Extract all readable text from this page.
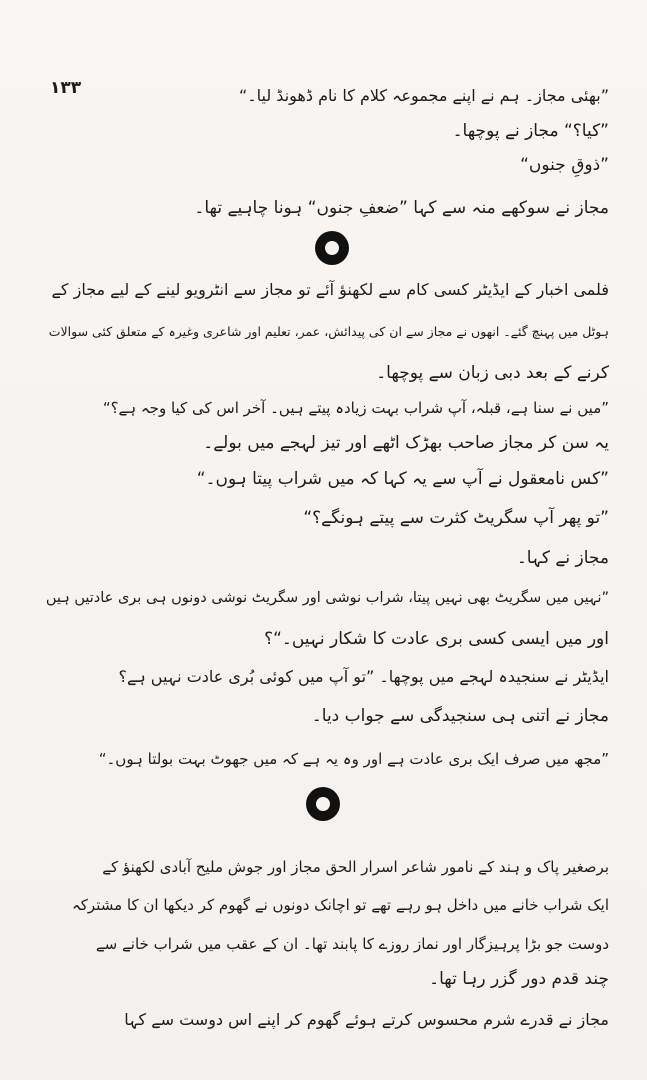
۱۳۳	”بھئی مجاز۔ ہم نے اپنے مجموعہ کلام کا نام ڈھونڈ لیا۔“
”کیا؟“ مجاز نے پوچھا۔
”ذوقِ جنوں“
مجاز نے سوکھے منہ سے کہا ”ضعفِ جنوں“ ہونا چاہیے تھا۔
فلمی اخبار کے ایڈیٹر کسی کام سے لکھنؤ آئے تو مجاز سے انٹرویو لینے کے لیے مجاز کے
ہوٹل میں پہنچ گئے۔ انھوں نے مجاز سے ان کی پیدائش، عمر، تعلیم اور شاعری وغیرہ کے متعلق کئی سوالات
کرنے کے بعد دبی زبان سے پوچھا۔
”میں نے سنا ہے، قبلہ، آپ شراب بہت زیادہ پیتے ہیں۔ آخر اس کی کیا وجہ ہے؟“
یہ سن کر مجاز صاحب بھڑک اٹھے اور تیز لہجے میں بولے۔
”کس نامعقول نے آپ سے یہ کہا کہ میں شراب پیتا ہوں۔“
”تو پھر آپ سگریٹ کثرت سے پیتے ہونگے؟“
مجاز نے کہا۔
”نہیں میں سگریٹ بھی نہیں پیتا، شراب نوشی اور سگریٹ نوشی دونوں ہی بری عادتیں ہیں
اور میں ایسی کسی بری عادت کا شکار نہیں۔“؟
ایڈیٹر نے سنجیدہ لہجے میں پوچھا۔ ”تو آپ میں کوئی بُری عادت نہیں ہے؟
مجاز نے اتنی ہی سنجیدگی سے جواب دیا۔
”مجھ میں صرف ایک بری عادت ہے اور وہ یہ ہے کہ میں جھوٹ بہت بولتا ہوں۔“
برصغیر پاک و ہند کے نامور شاعر اسرار الحق مجاز اور جوش ملیح آبادی لکھنؤ کے
ایک شراب خانے میں داخل ہو رہے تھے تو اچانک دونوں نے گھوم کر دیکھا ان کا مشترکہ
دوست جو بڑا پرہیزگار اور نماز روزے کا پابند تھا۔ ان کے عقب میں شراب خانے سے
چند قدم دور گزر رہا تھا۔
مجاز نے قدرے شرم محسوس کرتے ہوئے گھوم کر اپنے اس دوست سے کہا
